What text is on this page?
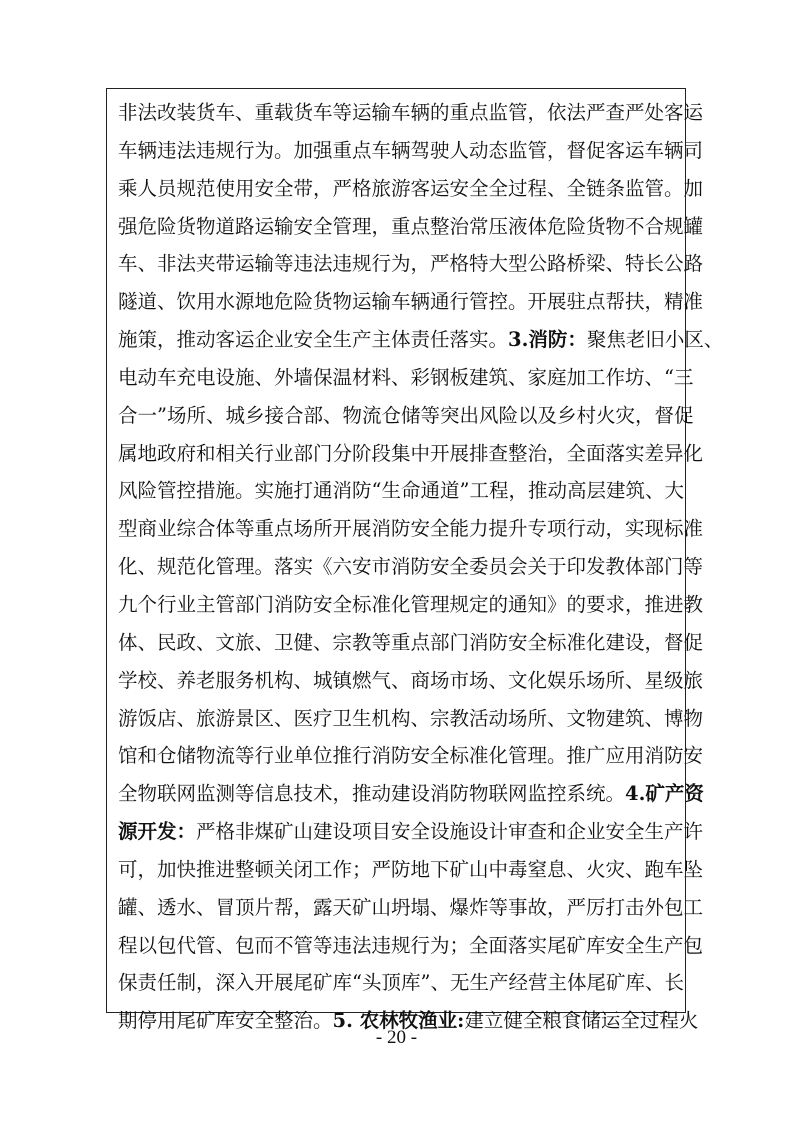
非法改装货车、重载货车等运输车辆的重点监管，依法严查严处客运
车辆违法违规行为。加强重点车辆驾驶人动态监管，督促客运车辆司
乘人员规范使用安全带，严格旅游客运安全全过程、全链条监管。加
强危险货物道路运输安全管理，重点整治常压液体危险货物不合规罐
车、非法夹带运输等违法违规行为，严格特大型公路桥梁、特长公路
隧道、饮用水源地危险货物运输车辆通行管控。开展驻点帮扶，精准
施策，推动客运企业安全生产主体责任落实。3.消防：聚焦老旧小区、
电动车充电设施、外墙保温材料、彩钢板建筑、家庭加工作坊、“三
合一”场所、城乡接合部、物流仓储等突出风险以及乡村火灾，督促
属地政府和相关行业部门分阶段集中开展排查整治，全面落实差异化
风险管控措施。实施打通消防“生命通道”工程，推动高层建筑、大
型商业综合体等重点场所开展消防安全能力提升专项行动，实现标准
化、规范化管理。落实《六安市消防安全委员会关于印发教体部门等
九个行业主管部门消防安全标准化管理规定的通知》的要求，推进教
体、民政、文旅、卫健、宗教等重点部门消防安全标准化建设，督促
学校、养老服务机构、城镇燃气、商场市场、文化娱乐场所、星级旅
游饭店、旅游景区、医疗卫生机构、宗教活动场所、文物建筑、博物
馆和仓储物流等行业单位推行消防安全标准化管理。推广应用消防安
全物联网监测等信息技术，推动建设消防物联网监控系统。4.矿产资
源开发：严格非煤矿山建设项目安全设施设计审查和企业安全生产许
可，加快推进整顿关闭工作；严防地下矿山中毒窒息、火灾、跑车坠
罐、透水、冒顶片帮，露天矿山坍塌、爆炸等事故，严厉打击外包工
程以包代管、包而不管等违法违规行为；全面落实尾矿库安全生产包
保责任制，深入开展尾矿库“头顶库”、无生产经营主体尾矿库、长
期停用尾矿库安全整治。5. 农林牧渔业:建立健全粮食储运全过程火
- 20 -
